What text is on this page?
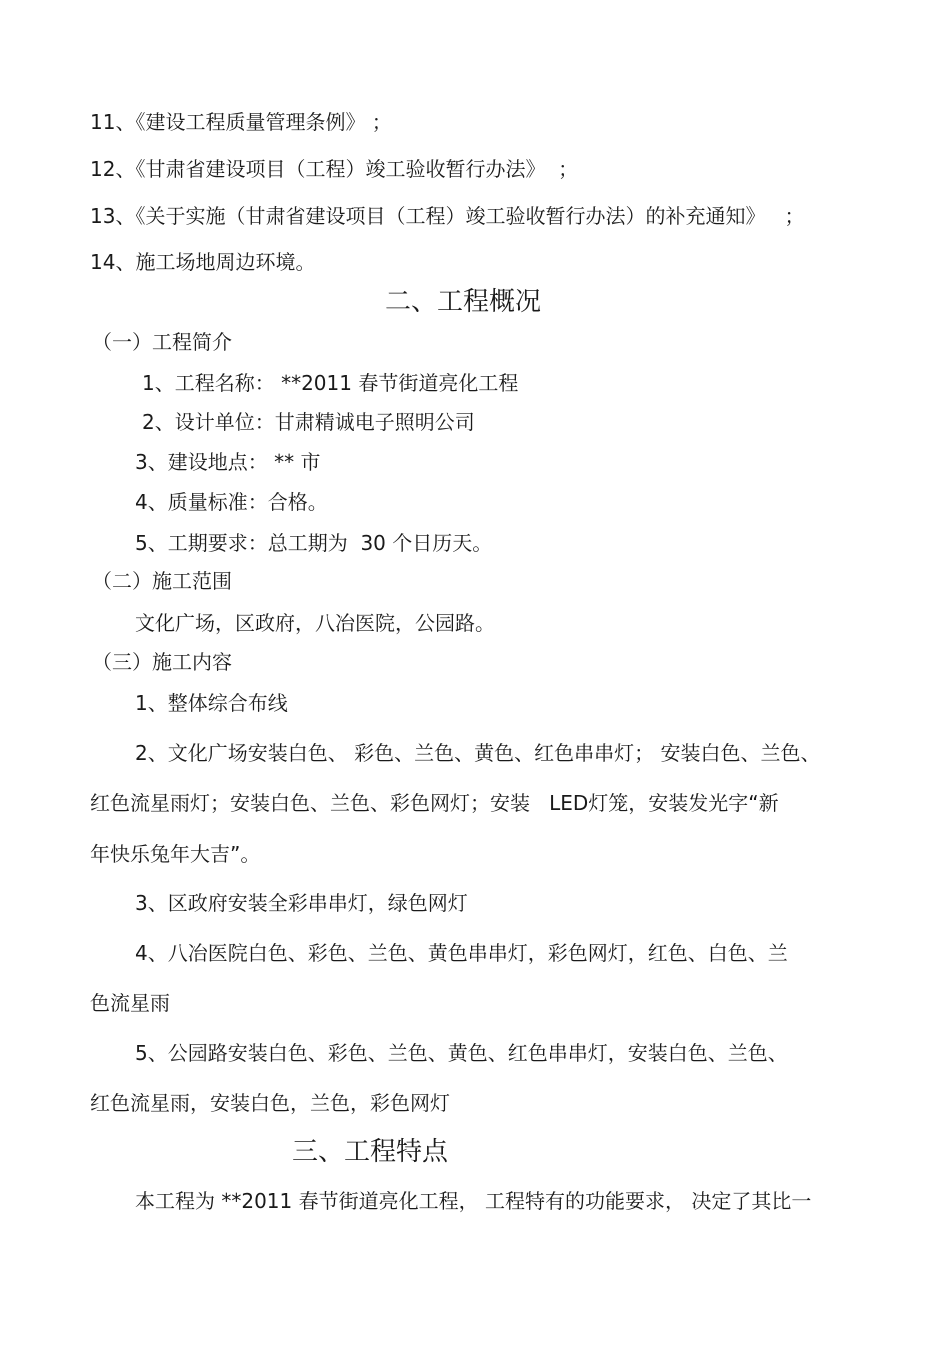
11、《建设工程质量管理条例》 ；
12、《甘肃省建设项目（工程）竣工验收暂行办法》  ；
13、《关于实施（甘肃省建设项目（工程）竣工验收暂行办法）的补充通知》   ；
14、施工场地周边环境。
二、工程概况
（一）工程简介
1、工程名称： **2011 春节街道亮化工程
2、设计单位：甘肃精诚电子照明公司
3、建设地点： ** 市
4、质量标准：合格。
5、工期要求：总工期为  30 个日历天。
（二）施工范围
文化广场，区政府，八冶医院，公园路。
（三）施工内容
1、整体综合布线
2、文化广场安装白色、 彩色、兰色、黄色、红色串串灯； 安装白色、兰色、
红色流星雨灯；安装白色、兰色、彩色网灯；安装   LED灯笼，安装发光字“新
年快乐兔年大吉”。
3、区政府安装全彩串串灯，绿色网灯
4、八冶医院白色、彩色、兰色、黄色串串灯，彩色网灯，红色、白色、兰
色流星雨
5、公园路安装白色、彩色、兰色、黄色、红色串串灯，安装白色、兰色、
红色流星雨，安装白色，兰色，彩色网灯
三、工程特点
本工程为 **2011 春节街道亮化工程， 工程特有的功能要求， 决定了其比一
